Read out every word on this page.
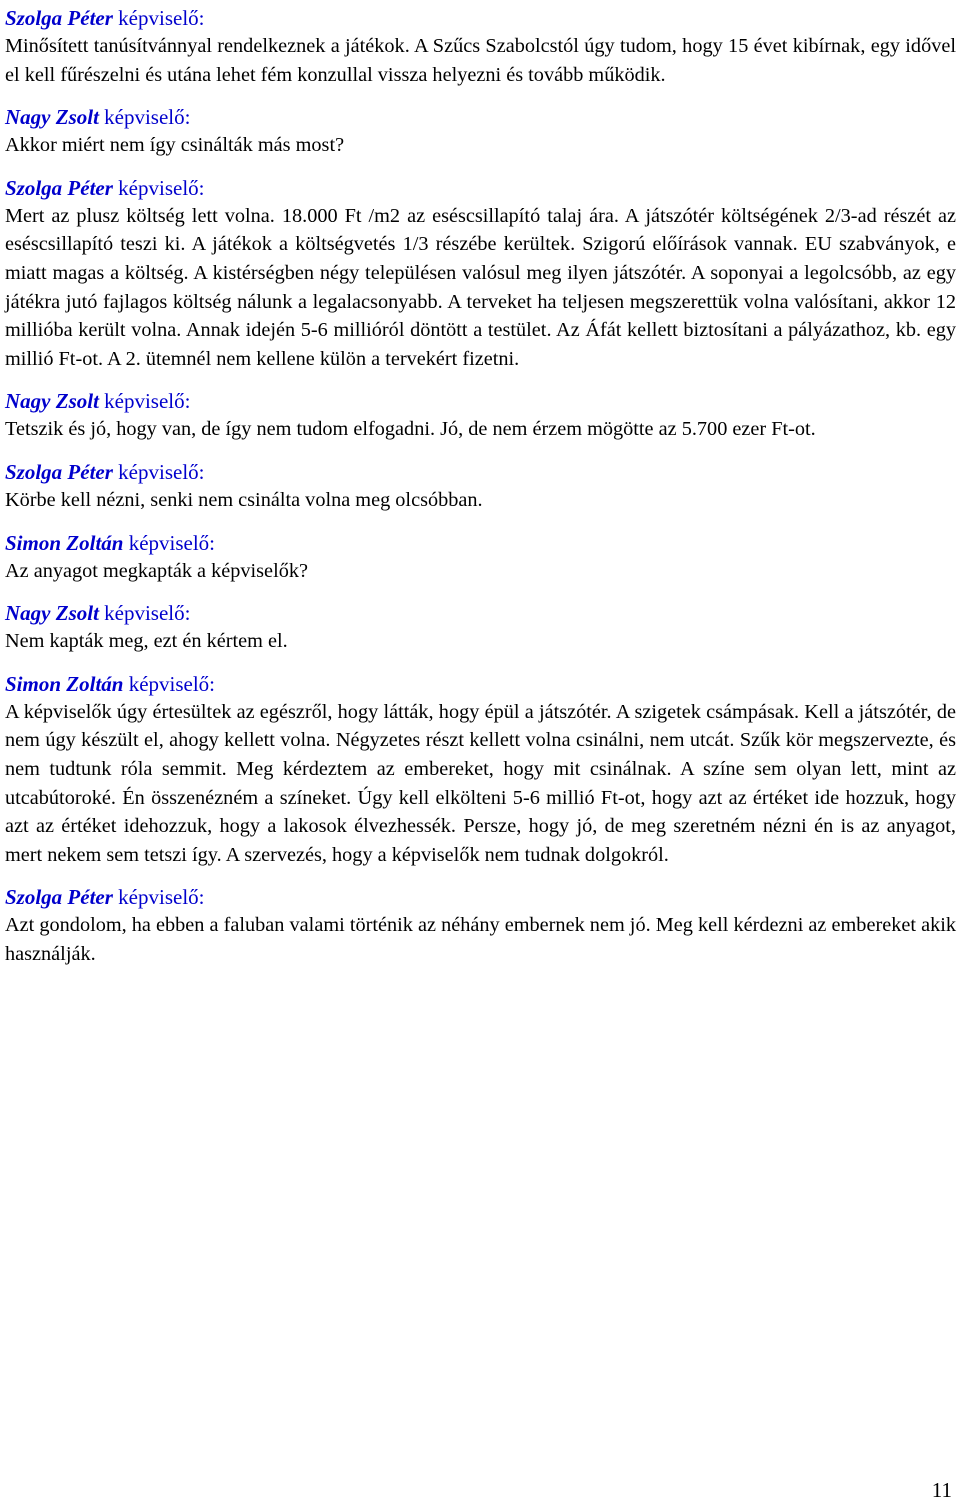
Szolga Péter képviselő:

Minősített tanúsítvánnyal rendelkeznek a játékok. A Szűcs Szabolcstól úgy tudom, hogy 15 évet kibírnak, egy idővel el kell fűrészelni és utána lehet fém konzullal vissza helyezni és tovább működik.

Nagy Zsolt képviselő:

Akkor miért nem így csinálták más most?

Szolga Péter képviselő:

Mert az plusz költség lett volna. 18.000 Ft /m2 az eséscsillapító talaj ára. A játszótér költségének 2/3-ad részét az eséscsillapító teszi ki. A játékok a költségvetés 1/3 részébe kerültek. Szigorú előírások vannak. EU szabványok, e miatt magas a költség. A kistérségben négy településen valósul meg ilyen játszótér. A soponyai a legolcsóbb, az egy játékra jutó fajlagos költség nálunk a legalacsonyabb. A terveket ha teljesen megszerettük volna valósítani, akkor 12 millióba került volna. Annak idején 5-6 millióról döntött a testület. Az Áfát kellett biztosítani a pályázathoz, kb. egy millió Ft-ot. A 2. ütemnél nem kellene külön a tervekért fizetni.

Nagy Zsolt képviselő:

Tetszik és jó, hogy van, de így nem tudom elfogadni. Jó, de nem érzem mögötte az 5.700 ezer Ft-ot.

Szolga Péter képviselő:

Körbe kell nézni, senki nem csinálta volna meg olcsóbban.

Simon Zoltán képviselő:

Az anyagot megkapták a képviselők?

Nagy Zsolt képviselő:

Nem kapták meg, ezt én kértem el.

Simon Zoltán képviselő:

A képviselők úgy értesültek az egészről, hogy látták, hogy épül a játszótér. A szigetek csámpásak. Kell a játszótér, de nem úgy készült el, ahogy kellett volna. Négyzetes részt kellett volna csinálni, nem utcát. Szűk kör megszervezte, és nem tudtunk róla semmit. Meg kérdeztem az embereket, hogy mit csinálnak. A színe sem olyan lett, mint az utcabútoroké. Én összenézném a színeket. Úgy kell elkölteni 5-6 millió Ft-ot, hogy azt az értéket ide hozzuk, hogy azt az értéket idehozzuk, hogy a lakosok élvezhessék. Persze, hogy jó, de meg szeretném nézni én is az anyagot, mert nekem sem tetszi így. A szervezés, hogy a képviselők nem tudnak dolgokról.

Szolga Péter képviselő:

Azt gondolom, ha ebben a faluban valami történik az néhány embernek nem jó. Meg kell kérdezni az embereket akik használják.

11
